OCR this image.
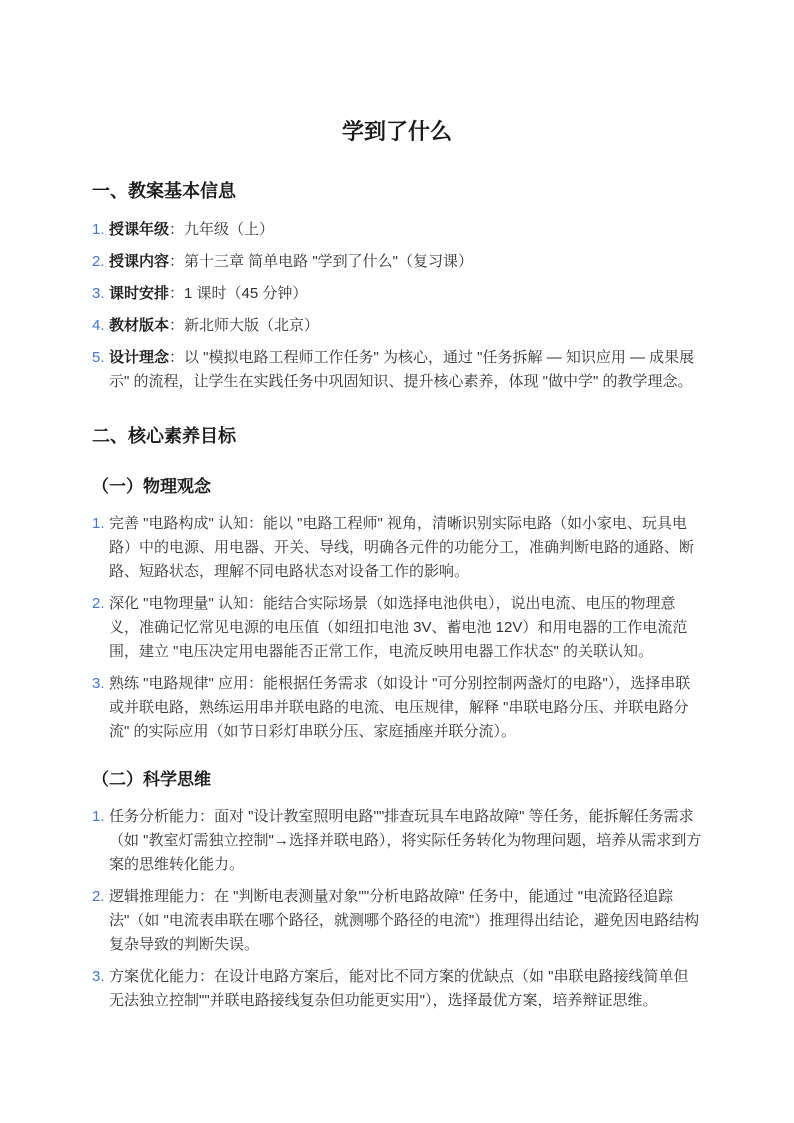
学到了什么
一、教案基本信息
1. 授课年级：九年级（上）
2. 授课内容：第十三章 简单电路 "学到了什么"（复习课）
3. 课时安排：1 课时（45 分钟）
4. 教材版本：新北师大版（北京）
5. 设计理念：以 "模拟电路工程师工作任务" 为核心，通过 "任务拆解 — 知识应用 — 成果展示" 的流程，让学生在实践任务中巩固知识、提升核心素养，体现 "做中学" 的教学理念。
二、核心素养目标
（一）物理观念
1. 完善 "电路构成" 认知：能以 "电路工程师" 视角，清晰识别实际电路（如小家电、玩具电路）中的电源、用电器、开关、导线，明确各元件的功能分工，准确判断电路的通路、断路、短路状态，理解不同电路状态对设备工作的影响。
2. 深化 "电物理量" 认知：能结合实际场景（如选择电池供电），说出电流、电压的物理意义，准确记忆常见电源的电压值（如纽扣电池 3V、蓄电池 12V）和用电器的工作电流范围，建立 "电压决定用电器能否正常工作，电流反映用电器工作状态" 的关联认知。
3. 熟练 "电路规律" 应用：能根据任务需求（如设计 "可分别控制两盏灯的电路"），选择串联或并联电路，熟练运用串并联电路的电流、电压规律，解释 "串联电路分压、并联电路分流" 的实际应用（如节日彩灯串联分压、家庭插座并联分流）。
（二）科学思维
1. 任务分析能力：面对 "设计教室照明电路""排查玩具车电路故障" 等任务，能拆解任务需求（如 "教室灯需独立控制"→选择并联电路），将实际任务转化为物理问题，培养从需求到方案的思维转化能力。
2. 逻辑推理能力：在 "判断电表测量对象""分析电路故障" 任务中，能通过 "电流路径追踪法"（如 "电流表串联在哪个路径，就测哪个路径的电流"）推理得出结论，避免因电路结构复杂导致的判断失误。
3. 方案优化能力：在设计电路方案后，能对比不同方案的优缺点（如 "串联电路接线简单但无法独立控制""并联电路接线复杂但功能更实用"），选择最优方案，培养辩证思维。
